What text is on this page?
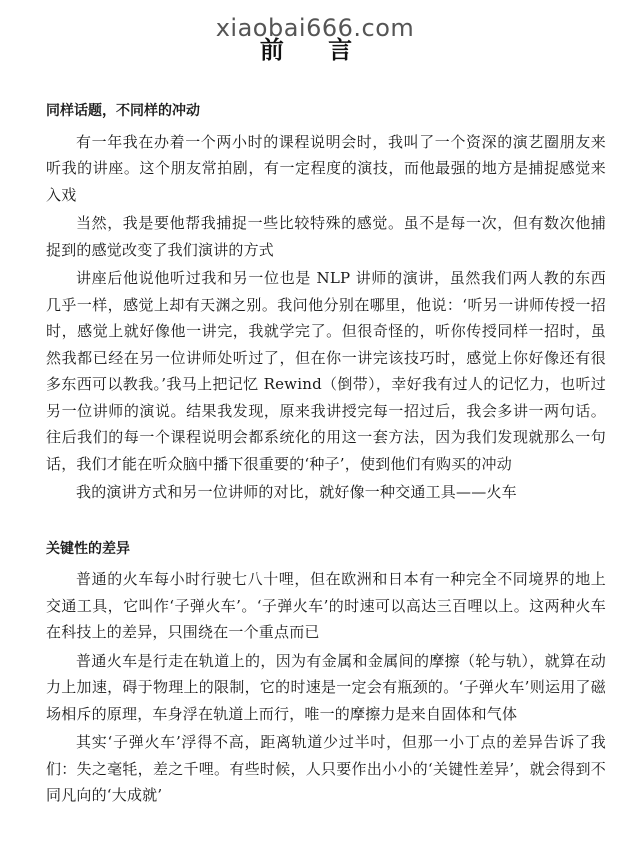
xiaobai666.com
前 言

同样话题，不同样的冲动

有一年我在办着一个两小时的课程说明会时，我叫了一个资深的演艺圈朋友来听我的讲座。这个朋友常拍剧，有一定程度的演技，而他最强的地方是捕捉感觉来入戏

当然，我是要他帮我捕捉一些比较特殊的感觉。虽不是每一次，但有数次他捕捉到的感觉改变了我们演讲的方式

讲座后他说他听过我和另一位也是 NLP 讲师的演讲，虽然我们两人教的东西几乎一样，感觉上却有天渊之别。我问他分别在哪里，他说：‘听另一讲师传授一招时，感觉上就好像他一讲完，我就学完了。但很奇怪的，听你传授同样一招时，虽然我都已经在另一位讲师处听过了，但在你一讲完该技巧时，感觉上你好像还有很多东西可以教我。’我马上把记忆 Rewind（倒带），幸好我有过人的记忆力，也听过另一位讲师的演说。结果我发现，原来我讲授完每一招过后，我会多讲一两句话。往后我们的每一个课程说明会都系统化的用这一套方法，因为我们发现就那么一句话，我们才能在听众脑中播下很重要的‘种子’，使到他们有购买的冲动

我的演讲方式和另一位讲师的对比，就好像一种交通工具——火车

关键性的差异

普通的火车每小时行驶七八十哩，但在欧洲和日本有一种完全不同境界的地上交通工具，它叫作‘子弹火车’。‘子弹火车’的时速可以高达三百哩以上。这两种火车在科技上的差异，只围绕在一个重点而已

普通火车是行走在轨道上的，因为有金属和金属间的摩擦（轮与轨），就算在动力上加速，碍于物理上的限制，它的时速是一定会有瓶颈的。‘子弹火车’则运用了磁场相斥的原理，车身浮在轨道上而行，唯一的摩擦力是来自固体和气体

其实‘子弹火车’浮得不高，距离轨道少过半吋，但那一小丁点的差异告诉了我们：失之毫牦，差之千哩。有些时候，人只要作出小小的‘关键性差异’，就会得到不同凡向的‘大成就’
